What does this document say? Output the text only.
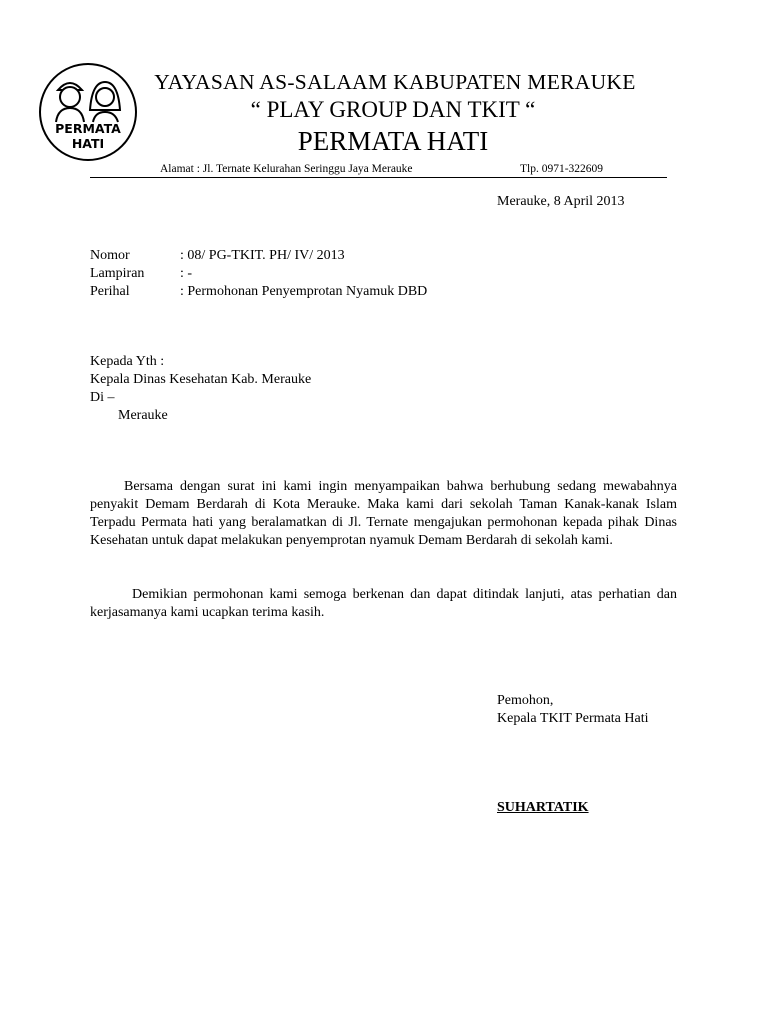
PERMATA
HATI
YAYASAN AS-SALAAM KABUPATEN MERAUKE
“ PLAY GROUP DAN TKIT “
PERMATA HATI
Alamat : Jl. Ternate Kelurahan Seringgu Jaya Merauke	Tlp. 0971-322609
Merauke, 8 April 2013
Nomor	: 08/ PG-TKIT. PH/ IV/ 2013
Lampiran	: -
Perihal	: Permohonan Penyemprotan Nyamuk DBD
Kepada Yth :
Kepala Dinas Kesehatan Kab. Merauke
Di –
Merauke
Bersama dengan surat ini kami ingin menyampaikan bahwa berhubung sedang mewabahnya penyakit Demam Berdarah di Kota Merauke. Maka kami dari sekolah Taman Kanak-kanak Islam Terpadu Permata hati yang beralamatkan di Jl. Ternate mengajukan permohonan kepada pihak Dinas Kesehatan untuk dapat melakukan penyemprotan nyamuk Demam Berdarah di sekolah kami.
Demikian permohonan kami semoga berkenan dan dapat ditindak lanjuti, atas perhatian dan kerjasamanya kami ucapkan terima kasih.
Pemohon,
Kepala TKIT Permata Hati
SUHARTATIK
